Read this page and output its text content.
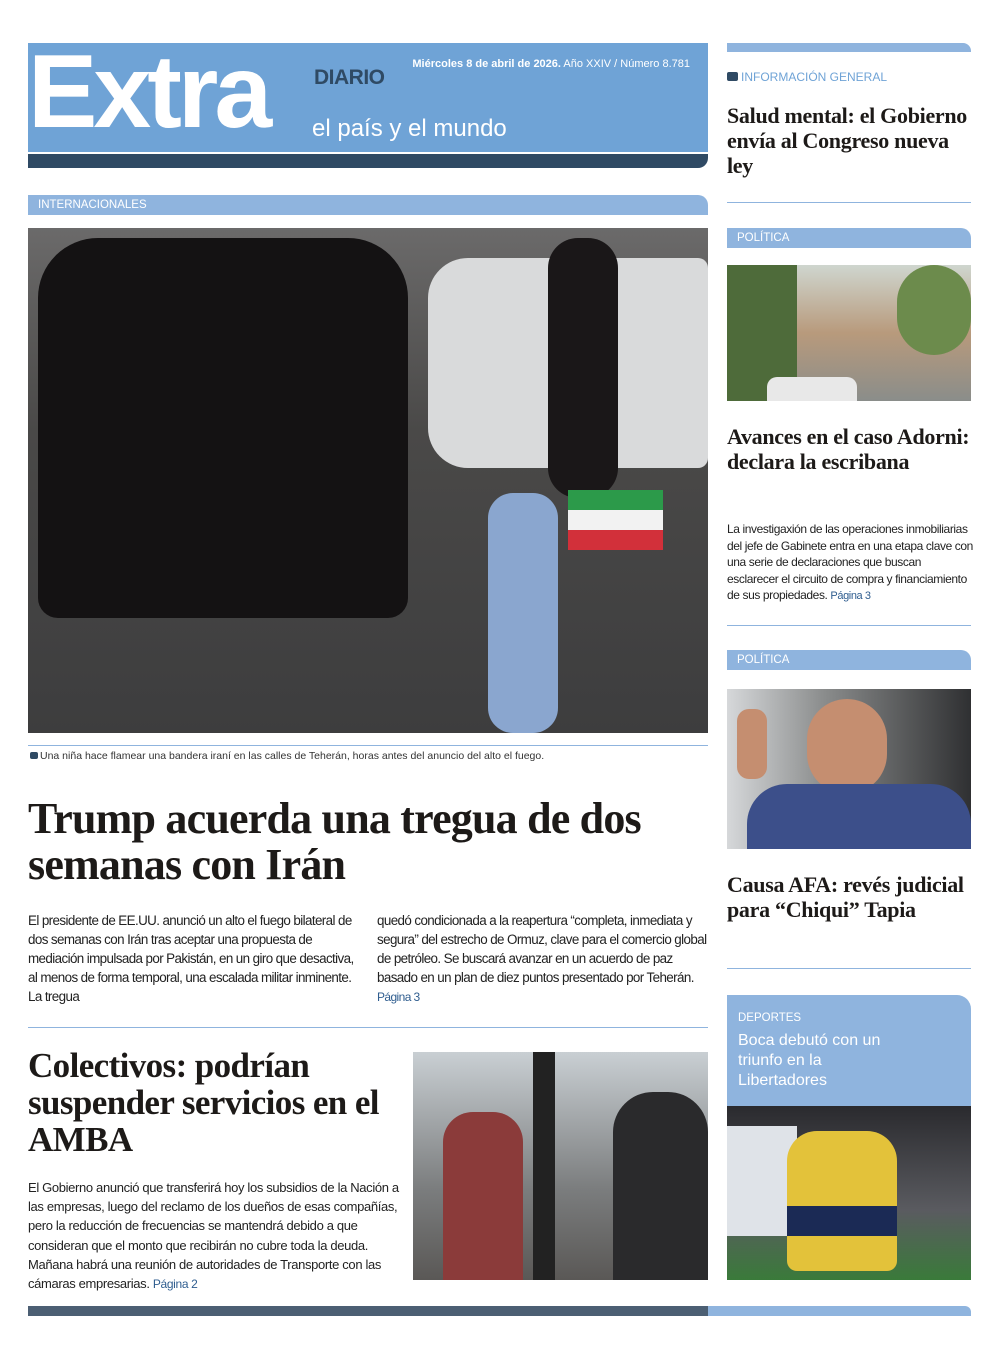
Extra DIARIO
el país y el mundo
Miércoles 8 de abril de 2026. Año XXIV / Número 8.781
INTERNACIONALES
Una niña hace flamear una bandera iraní en las calles de Teherán, horas antes del anuncio del alto el fuego.
Trump acuerda una tregua de dos semanas con Irán
El presidente de EE.UU. anunció un alto el fuego bilateral de dos semanas con Irán tras aceptar una propuesta de mediación impulsada por Pakistán, en un giro que desactiva, al menos de forma temporal, una escalada militar inminente. La tregua
quedó condicionada a la reapertura “completa, inmediata y segura” del estrecho de Ormuz, clave para el comercio global de petróleo. Se buscará avanzar en un acuerdo de paz basado en un plan de diez puntos presentado por Teherán. Página 3
Colectivos: podrían suspender servicios en el AMBA
El Gobierno anunció que transferirá hoy los subsidios de la Nación a las empresas, luego del reclamo de los dueños de esas compañías, pero la reducción de frecuencias se mantendrá debido a que consideran que el monto que recibirán no cubre toda la deuda. Mañana habrá una reunión de autoridades de Transporte con las cámaras empresarias. Página 2
INFORMACIÓN GENERAL
Salud mental: el Gobierno envía al Congreso nueva ley
POLÍTICA
Avances en el caso Adorni: declara la escribana
La investigaxión de las operaciones inmobiliarias del jefe de Gabinete entra en una etapa clave con una serie de declaraciones que buscan esclarecer el circuito de compra y financiamiento de sus propiedades. Página 3
POLÍTICA
Causa AFA: revés judicial para “Chiqui” Tapia
DEPORTES
Boca debutó con un triunfo en la Libertadores
